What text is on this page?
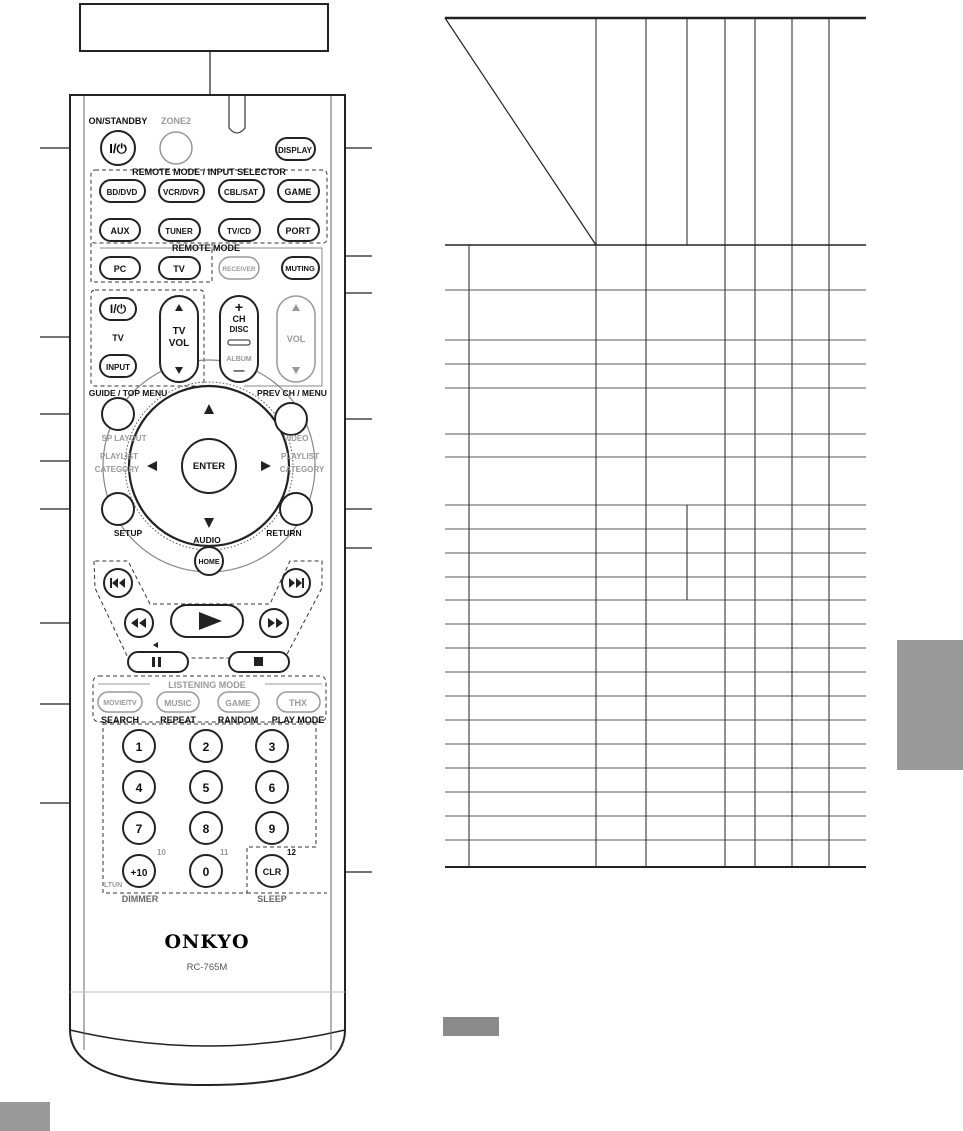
I/⏻
ON/STANDBY ZONE2
DISPLAY
REMOTE MODE / INPUT SELECTOR
BD/DVD	VCR/DVR	CBL/SAT	GAME
AUX	TUNER	TV/CD	PORT
REMOTE MODE
PC	TV	RECEIVER	MUTING
I/⏻
TV
INPUT
TV
VOL
+
CH
DISC
ALBUM
—
VOL
GUIDE / TOP MENU	PREV CH / MENU
SP LAYOUT	VIDEO
PLAYLIST
CATEGORY
PLAYLIST
CATEGORY
ENTER
SETUP	RETURN
AUDIO
HOME
LISTENING MODE
MOVIE/TV	MUSIC	GAME	THX
SEARCH REPEAT RANDOM PLAY MODE
1	2	3
4	5	6
7	8	9
+10	0	CLR
10	11	12
LTUN
DIMMER	SLEEP
ONKYO
RC-765M
